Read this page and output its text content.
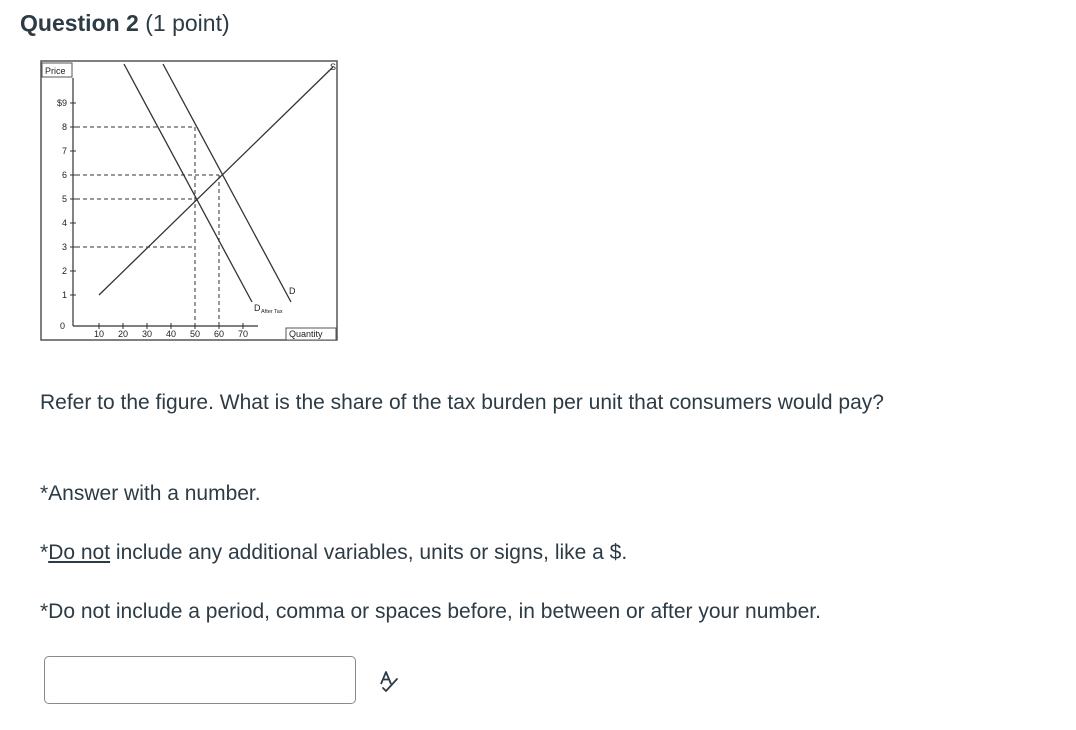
Question 2 (1 point)
Price
$9
8
7
6
5
4
3
2
1
0
10 20 30 40 50 60 70	Quantity
S
D
D After Tax
Refer to the figure. What is the share of the tax burden per unit that consumers would pay?
*Answer with a number.
*Do not include any additional variables, units or signs, like a $.
*Do not include a period, comma or spaces before, in between or after your number.
